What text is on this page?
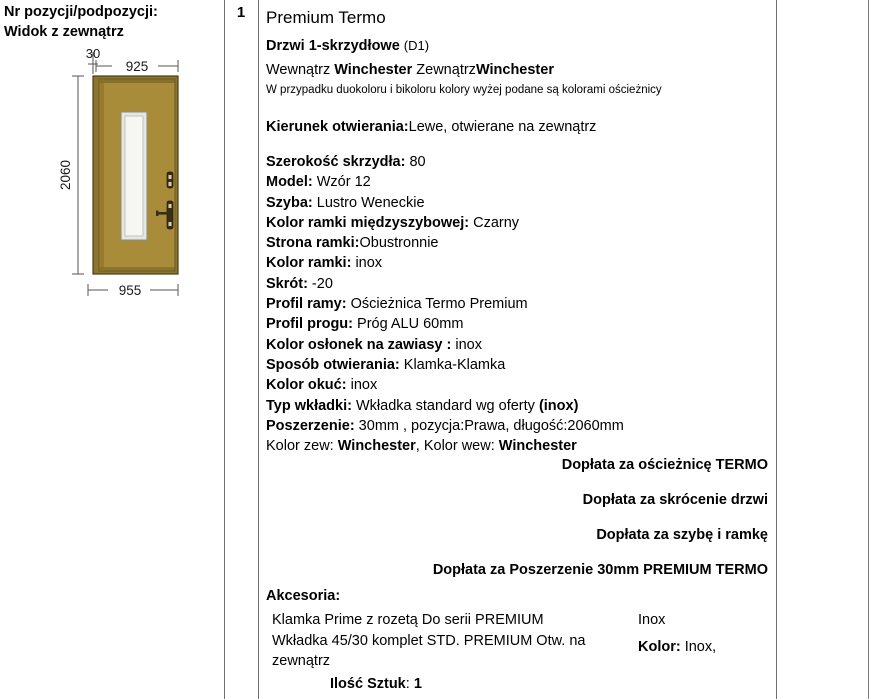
Nr pozycji/podpozycji:
Widok z zewnątrz
1
30
925
2060
955
Premium Termo
Drzwi 1-skrzydłowe (D1)
Wewnątrz Winchester ZewnątrzWinchester
W przypadku duokoloru i bikoloru kolory wyżej podane są kolorami ościeżnicy
Kierunek otwierania:Lewe, otwierane na zewnątrz
Szerokość skrzydła: 80
Model: Wzór 12
Szyba: Lustro Weneckie
Kolor ramki międzyszybowej: Czarny
Strona ramki:Obustronnie
Kolor ramki: inox
Skrót: -20
Profil ramy: Ościeżnica Termo Premium
Profil progu: Próg ALU 60mm
Kolor osłonek na zawiasy : inox
Sposób otwierania: Klamka-Klamka
Kolor okuć: inox
Typ wkładki: Wkładka standard wg oferty (inox)
Poszerzenie: 30mm , pozycja:Prawa, długość:2060mm
Kolor zew: Winchester, Kolor wew: Winchester
Dopłata za ościeżnicę TERMO
Dopłata za skrócenie drzwi
Dopłata za szybę i ramkę
Dopłata za Poszerzenie 30mm PREMIUM TERMO
Akcesoria:
Klamka Prime z rozetą Do serii PREMIUM
Wkładka 45/30 komplet STD. PREMIUM Otw. na zewnątrz
Ilość Sztuk: 1
Inox
Kolor: Inox,
